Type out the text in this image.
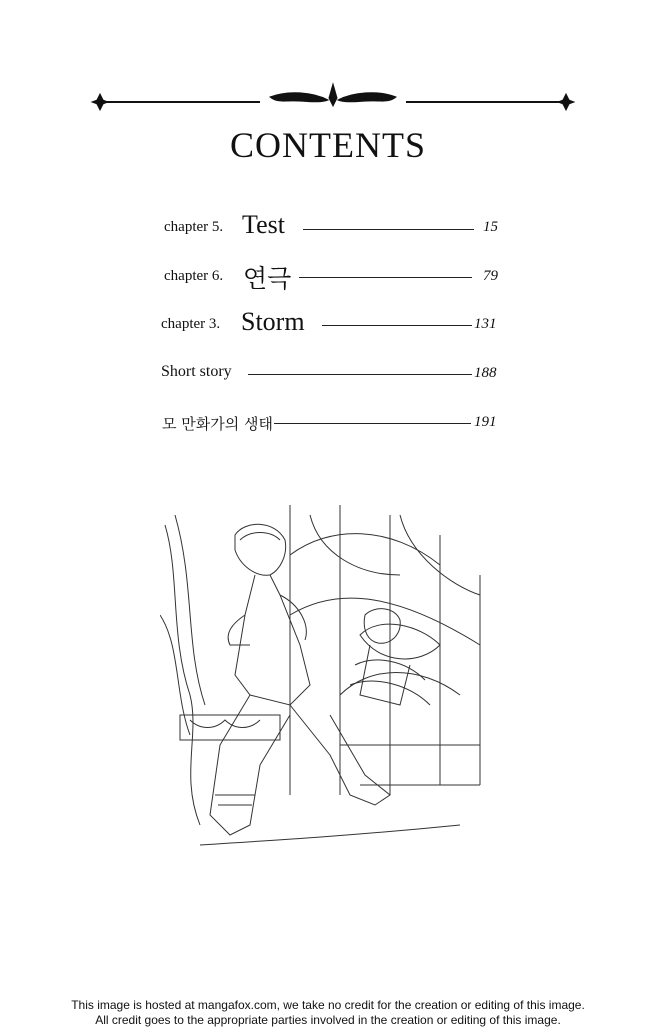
CONTENTS
chapter 5. Test	15
chapter 6. 연극	79
chapter 3. Storm	131
Short story	188
모 만화가의 생태	191
This image is hosted at mangafox.com, we take no credit for the creation or editing of this image.
All credit goes to the appropriate parties involved in the creation or editing of this image.
